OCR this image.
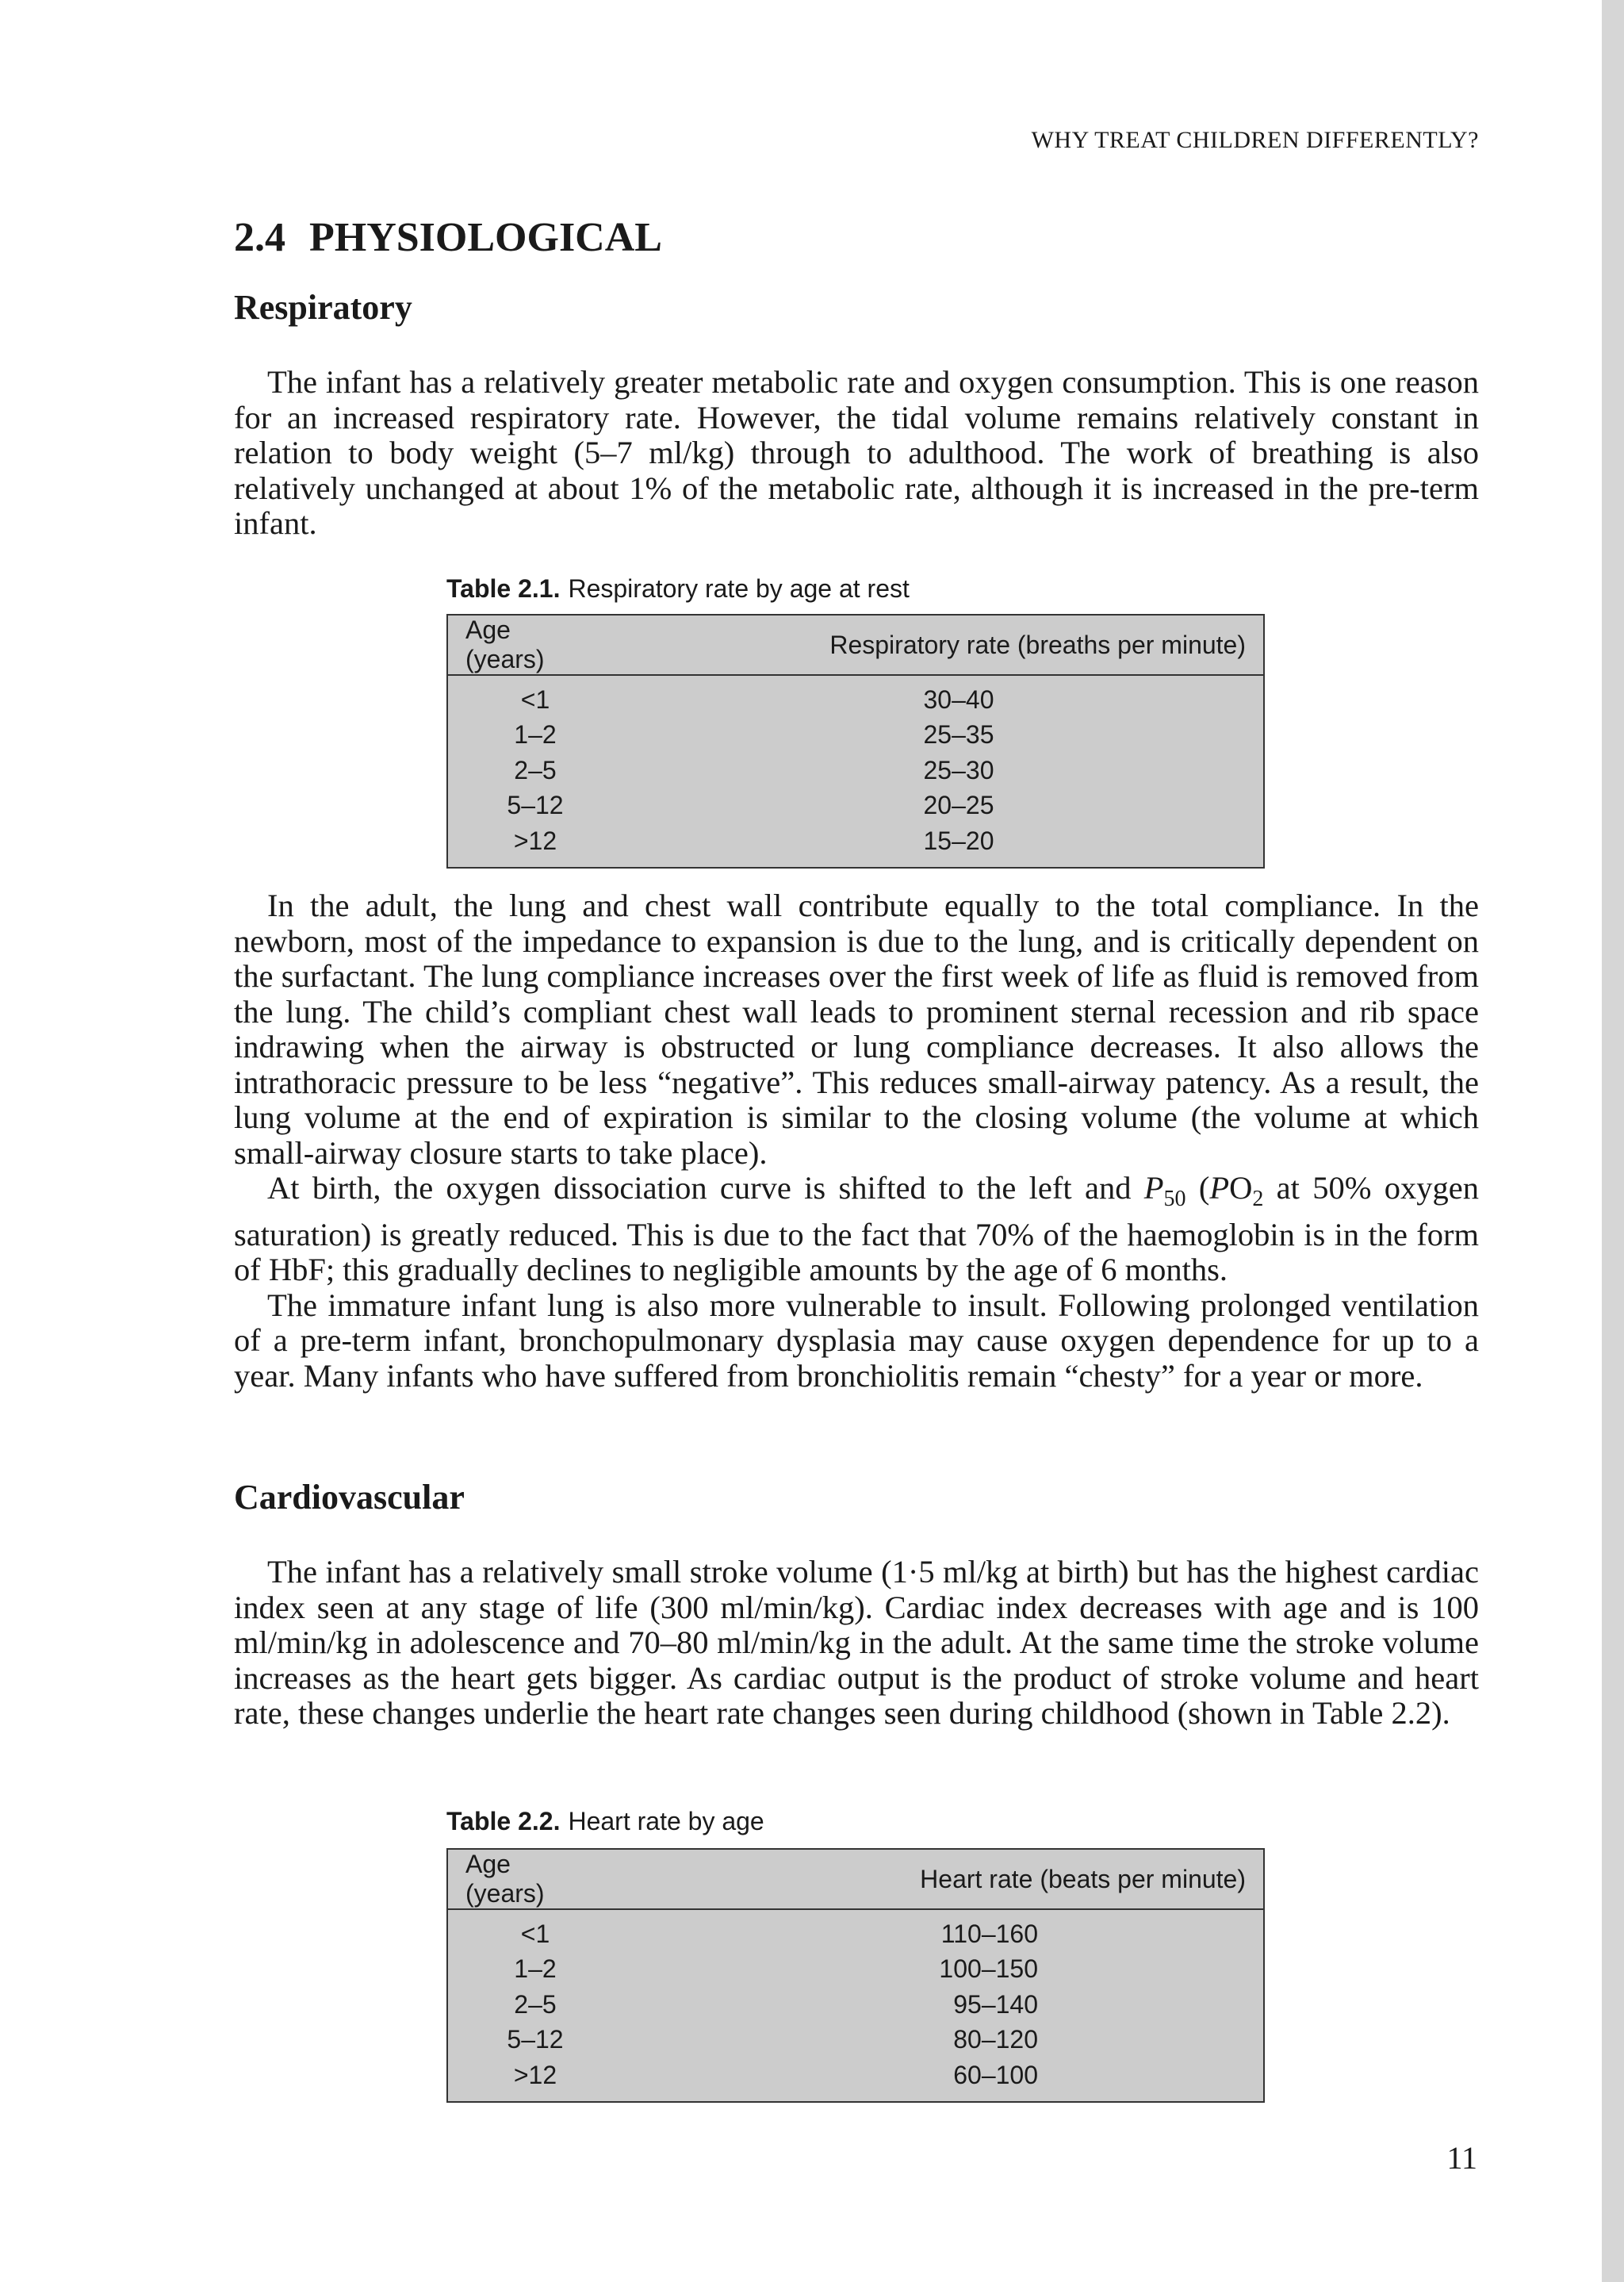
WHY TREAT CHILDREN DIFFERENTLY?
2.4 PHYSIOLOGICAL
Respiratory

The infant has a relatively greater metabolic rate and oxygen consumption. This is one reason for an increased respiratory rate. However, the tidal volume remains relatively constant in relation to body weight (5–7 ml/kg) through to adulthood. The work of breathing is also relatively unchanged at about 1% of the metabolic rate, although it is increased in the pre-term infant.

Table 2.1. Respiratory rate by age at rest
Age (years)	Respiratory rate (breaths per minute)
<1	30–40
1–2	25–35
2–5	25–30
5–12	20–25
>12	15–20

In the adult, the lung and chest wall contribute equally to the total compliance. In the newborn, most of the impedance to expansion is due to the lung, and is critically dependent on the surfactant. The lung compliance increases over the first week of life as fluid is removed from the lung. The child’s compliant chest wall leads to prominent sternal recession and rib space indrawing when the airway is obstructed or lung compliance decreases. It also allows the intrathoracic pressure to be less “negative”. This reduces small-airway patency. As a result, the lung volume at the end of expiration is similar to the closing volume (the volume at which small-airway closure starts to take place).

At birth, the oxygen dissociation curve is shifted to the left and $P_{50}$ ($PO_2$ at 50% oxygen saturation) is greatly reduced. This is due to the fact that 70% of the haemoglobin is in the form of HbF; this gradually declines to negligible amounts by the age of 6 months.

The immature infant lung is also more vulnerable to insult. Following prolonged ventilation of a pre-term infant, bronchopulmonary dysplasia may cause oxygen dependence for up to a year. Many infants who have suffered from bronchiolitis remain “chesty” for a year or more.

Cardiovascular

The infant has a relatively small stroke volume (1·5 ml/kg at birth) but has the highest cardiac index seen at any stage of life (300 ml/min/kg). Cardiac index decreases with age and is 100 ml/min/kg in adolescence and 70–80 ml/min/kg in the adult. At the same time the stroke volume increases as the heart gets bigger. As cardiac output is the product of stroke volume and heart rate, these changes underlie the heart rate changes seen during childhood (shown in Table 2.2).

Table 2.2. Heart rate by age
Age (years)	Heart rate (beats per minute)
<1	110–160
1–2	100–150
2–5	95–140
5–12	80–120
>12	60–100
11
